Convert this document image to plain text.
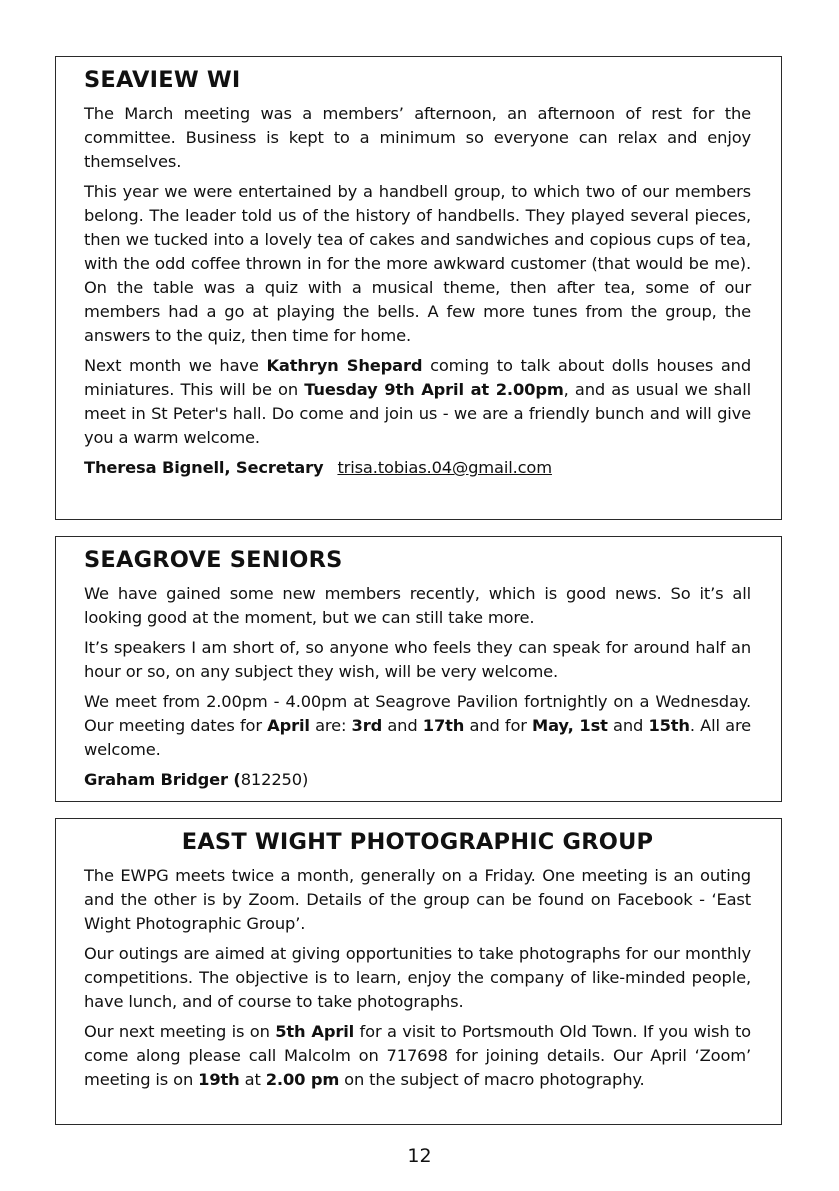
SEAVIEW WI

The March meeting was a members’ afternoon, an afternoon of rest for the committee. Business is kept to a minimum so everyone can relax and enjoy themselves.

This year we were entertained by a handbell group, to which two of our members belong. The leader told us of the history of handbells. They played several pieces, then we tucked into a lovely tea of cakes and sandwiches and copious cups of tea, with the odd coffee thrown in for the more awkward customer (that would be me). On the table was a quiz with a musical theme, then after tea, some of our members had a go at playing the bells. A few more tunes from the group, the answers to the quiz, then time for home.

Next month we have Kathryn Shepard coming to talk about dolls houses and miniatures. This will be on Tuesday 9th April at 2.00pm, and as usual we shall meet in St Peter's hall. Do come and join us - we are a friendly bunch and will give you a warm welcome.

Theresa Bignell, Secretary trisa.tobias.04@gmail.com

SEAGROVE SENIORS

We have gained some new members recently, which is good news. So it’s all looking good at the moment, but we can still take more.

It’s speakers I am short of, so anyone who feels they can speak for around half an hour or so, on any subject they wish, will be very welcome.

We meet from 2.00pm - 4.00pm at Seagrove Pavilion fortnightly on a Wednesday. Our meeting dates for April are: 3rd and 17th and for May, 1st and 15th. All are welcome.

Graham Bridger (812250)

EAST WIGHT PHOTOGRAPHIC GROUP

The EWPG meets twice a month, generally on a Friday. One meeting is an outing and the other is by Zoom. Details of the group can be found on Facebook - ‘East Wight Photographic Group’.

Our outings are aimed at giving opportunities to take photographs for our monthly competitions. The objective is to learn, enjoy the company of like-minded people, have lunch, and of course to take photographs.

Our next meeting is on 5th April for a visit to Portsmouth Old Town. If you wish to come along please call Malcolm on 717698 for joining details. Our April ‘Zoom’ meeting is on 19th at 2.00 pm on the subject of macro photography.

12
